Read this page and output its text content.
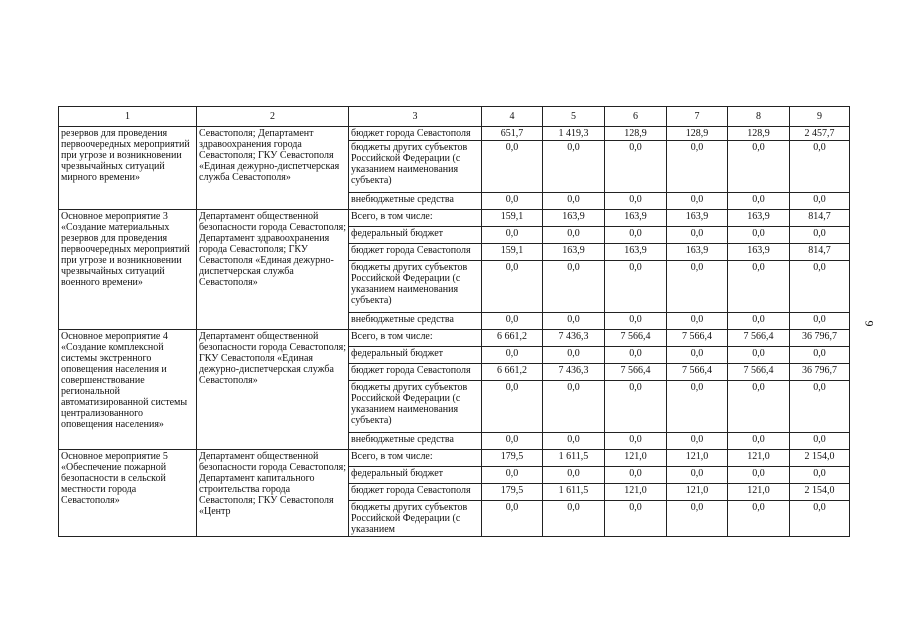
1	2	3	4	5	6	7	8	9
резервов для проведения первоочередных мероприятий при угрозе и возникновении чрезвычайных ситуаций мирного времени»	Севастополя; Департамент здравоохранения города Севастополя; ГКУ Севастополя «Единая дежурно-диспетчерская служба Севастополя»	бюджет города Севастополя	651,7	1 419,3	128,9	128,9	128,9	2 457,7
		бюджеты других субъектов Российской Федерации (с указанием наименования субъекта)	0,0	0,0	0,0	0,0	0,0	0,0
		внебюджетные средства	0,0	0,0	0,0	0,0	0,0	0,0
Основное мероприятие 3 «Создание материальных резервов для проведения первоочередных мероприятий при угрозе и возникновении чрезвычайных ситуаций военного времени»	Департамент общественной безопасности города Севастополя; Департамент здравоохранения города Севастополя; ГКУ Севастополя «Единая дежурно-диспетчерская служба Севастополя»	Всего, в том числе:	159,1	163,9	163,9	163,9	163,9	814,7
		федеральный бюджет	0,0	0,0	0,0	0,0	0,0	0,0
		бюджет города Севастополя	159,1	163,9	163,9	163,9	163,9	814,7
		бюджеты других субъектов Российской Федерации (с указанием наименования субъекта)	0,0	0,0	0,0	0,0	0,0	0,0
		внебюджетные средства	0,0	0,0	0,0	0,0	0,0	0,0
Основное мероприятие 4 «Создание комплексной системы экстренного оповещения населения и совершенствование региональной автоматизированной системы централизованного оповещения населения»	Департамент общественной безопасности города Севастополя; ГКУ Севастополя «Единая дежурно-диспетчерская служба Севастополя»	Всего, в том числе:	6 661,2	7 436,3	7 566,4	7 566,4	7 566,4	36 796,7
		федеральный бюджет	0,0	0,0	0,0	0,0	0,0	0,0
		бюджет города Севастополя	6 661,2	7 436,3	7 566,4	7 566,4	7 566,4	36 796,7
		бюджеты других субъектов Российской Федерации (с указанием наименования субъекта)	0,0	0,0	0,0	0,0	0,0	0,0
		внебюджетные средства	0,0	0,0	0,0	0,0	0,0	0,0
Основное мероприятие 5 «Обеспечение пожарной безопасности в сельской местности города Севастополя»	Департамент общественной безопасности города Севастополя; Департамент капитального строительства города Севастополя; ГКУ Севастополя «Центр	Всего, в том числе:	179,5	1 611,5	121,0	121,0	121,0	2 154,0
		федеральный бюджет	0,0	0,0	0,0	0,0	0,0	0,0
		бюджет города Севастополя	179,5	1 611,5	121,0	121,0	121,0	2 154,0
		бюджеты других субъектов Российской Федерации (с указанием	0,0	0,0	0,0	0,0	0,0	0,0
9
